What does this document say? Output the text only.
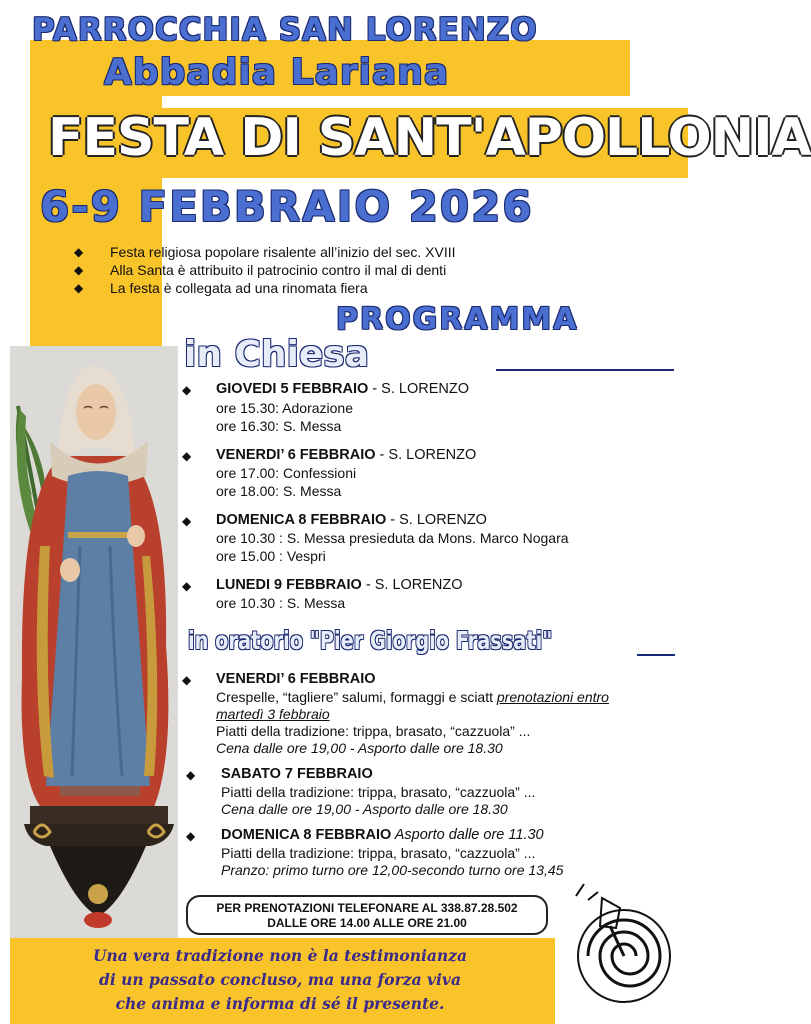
PARROCCHIA SAN LORENZO
Abbadia Lariana
FESTA DI SANT'APOLLONIA
6-9 FEBBRAIO 2026
◆ Festa religiosa popolare risalente all’inizio del sec. XVIII
◆ Alla Santa è attribuito il patrocinio contro il mal di denti
◆ La festa è collegata ad una rinomata fiera
PROGRAMMA
in Chiesa
◆ GIOVEDI 5 FEBBRAIO - S. LORENZO
ore 15.30: Adorazione
ore 16.30: S. Messa
◆ VENERDI’ 6 FEBBRAIO - S. LORENZO
ore 17.00: Confessioni
ore 18.00: S. Messa
◆ DOMENICA 8 FEBBRAIO - S. LORENZO
ore 10.30 : S. Messa presieduta da Mons. Marco Nogara
ore 15.00 : Vespri
◆ LUNEDI 9 FEBBRAIO - S. LORENZO
ore 10.30 : S. Messa
in oratorio "Pier Giorgio Frassati"
◆ VENERDI’ 6 FEBBRAIO
Crespelle, “tagliere” salumi, formaggi e sciatt prenotazioni entro
martedì 3 febbraio
Piatti della tradizione: trippa, brasato, “cazzuola” ...
Cena dalle ore 19,00 - Asporto dalle ore 18.30
◆ SABATO 7 FEBBRAIO
Piatti della tradizione: trippa, brasato, “cazzuola” ...
Cena dalle ore 19,00 - Asporto dalle ore 18.30
◆ DOMENICA 8 FEBBRAIO Asporto dalle ore 11.30
Piatti della tradizione: trippa, brasato, “cazzuola” ...
Pranzo: primo turno ore 12,00-secondo turno ore 13,45
PER PRENOTAZIONI TELEFONARE AL 338.87.28.502
DALLE ORE 14.00 ALLE ORE 21.00
Una vera tradizione non è la testimonianza
di un passato concluso, ma una forza viva
che anima e informa di sé il presente.
